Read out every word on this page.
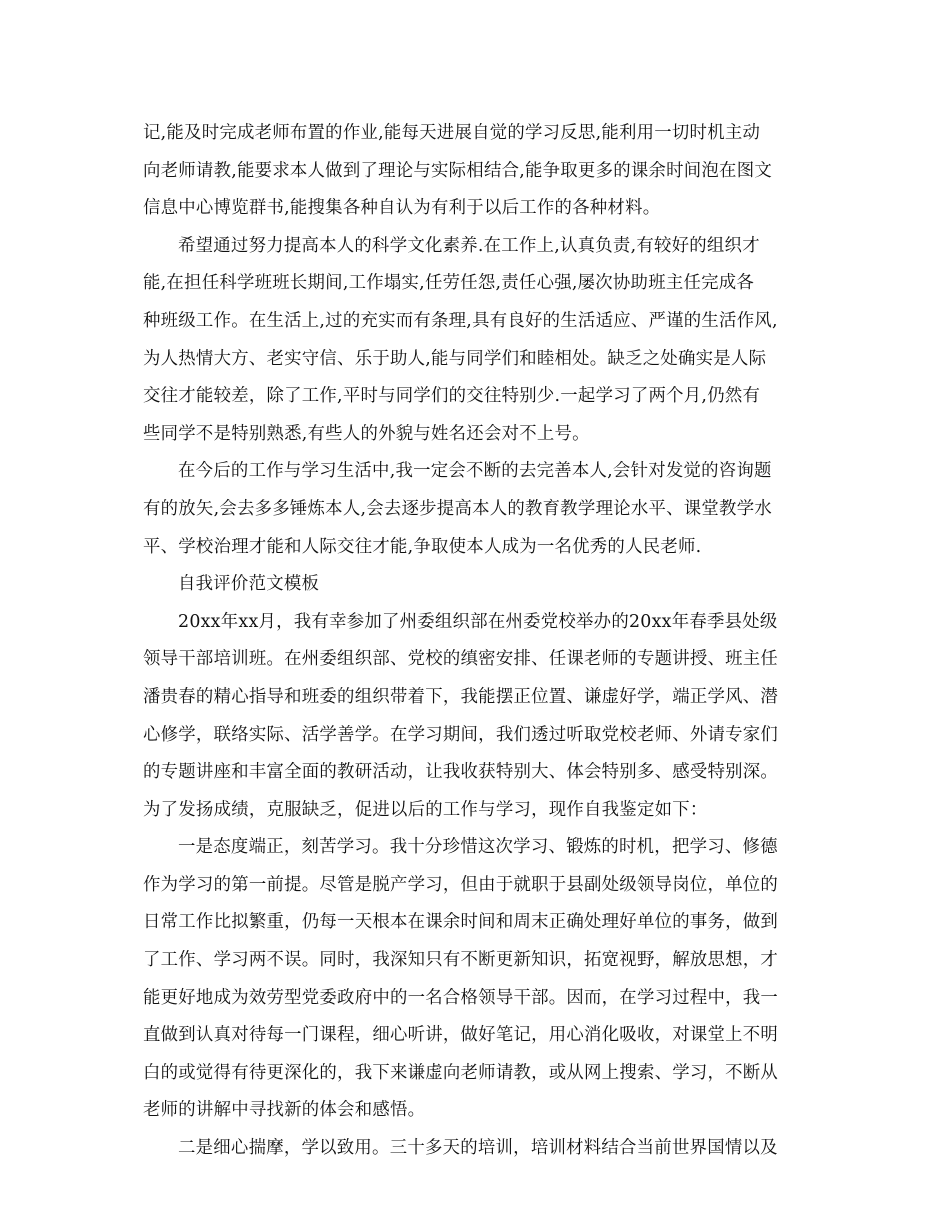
记,能及时完成老师布置的作业,能每天进展自觉的学习反思,能利用一切时机主动
向老师请教,能要求本人做到了理论与实际相结合,能争取更多的课余时间泡在图文
信息中心博览群书,能搜集各种自认为有利于以后工作的各种材料。
希望通过努力提高本人的科学文化素养.在工作上,认真负责,有较好的组织才
能,在担任科学班班长期间,工作塌实,任劳任怨,责任心强,屡次协助班主任完成各
种班级工作。在生活上,过的充实而有条理,具有良好的生活适应、严谨的生活作风,
为人热情大方、老实守信、乐于助人,能与同学们和睦相处。缺乏之处确实是人际
交往才能较差，除了工作,平时与同学们的交往特别少.一起学习了两个月,仍然有
些同学不是特别熟悉,有些人的外貌与姓名还会对不上号。
在今后的工作与学习生活中,我一定会不断的去完善本人,会针对发觉的咨询题
有的放矢,会去多多锤炼本人,会去逐步提高本人的教育教学理论水平、课堂教学水
平、学校治理才能和人际交往才能,争取使本人成为一名优秀的人民老师.
自我评价范文模板
20xx年xx月，我有幸参加了州委组织部在州委党校举办的20xx年春季县处级
领导干部培训班。在州委组织部、党校的缜密安排、任课老师的专题讲授、班主任
潘贵春的精心指导和班委的组织带着下，我能摆正位置、谦虚好学，端正学风、潜
心修学，联络实际、活学善学。在学习期间，我们透过听取党校老师、外请专家们
的专题讲座和丰富全面的教研活动，让我收获特别大、体会特别多、感受特别深。
为了发扬成绩，克服缺乏，促进以后的工作与学习，现作自我鉴定如下：
一是态度端正，刻苦学习。我十分珍惜这次学习、锻炼的时机，把学习、修德
作为学习的第一前提。尽管是脱产学习，但由于就职于县副处级领导岗位，单位的
日常工作比拟繁重，仍每一天根本在课余时间和周末正确处理好单位的事务，做到
了工作、学习两不误。同时，我深知只有不断更新知识，拓宽视野，解放思想，才
能更好地成为效劳型党委政府中的一名合格领导干部。因而，在学习过程中，我一
直做到认真对待每一门课程，细心听讲，做好笔记，用心消化吸收，对课堂上不明
白的或觉得有待更深化的，我下来谦虚向老师请教，或从网上搜索、学习，不断从
老师的讲解中寻找新的体会和感悟。
二是细心揣摩，学以致用。三十多天的培训，培训材料结合当前世界国情以及
